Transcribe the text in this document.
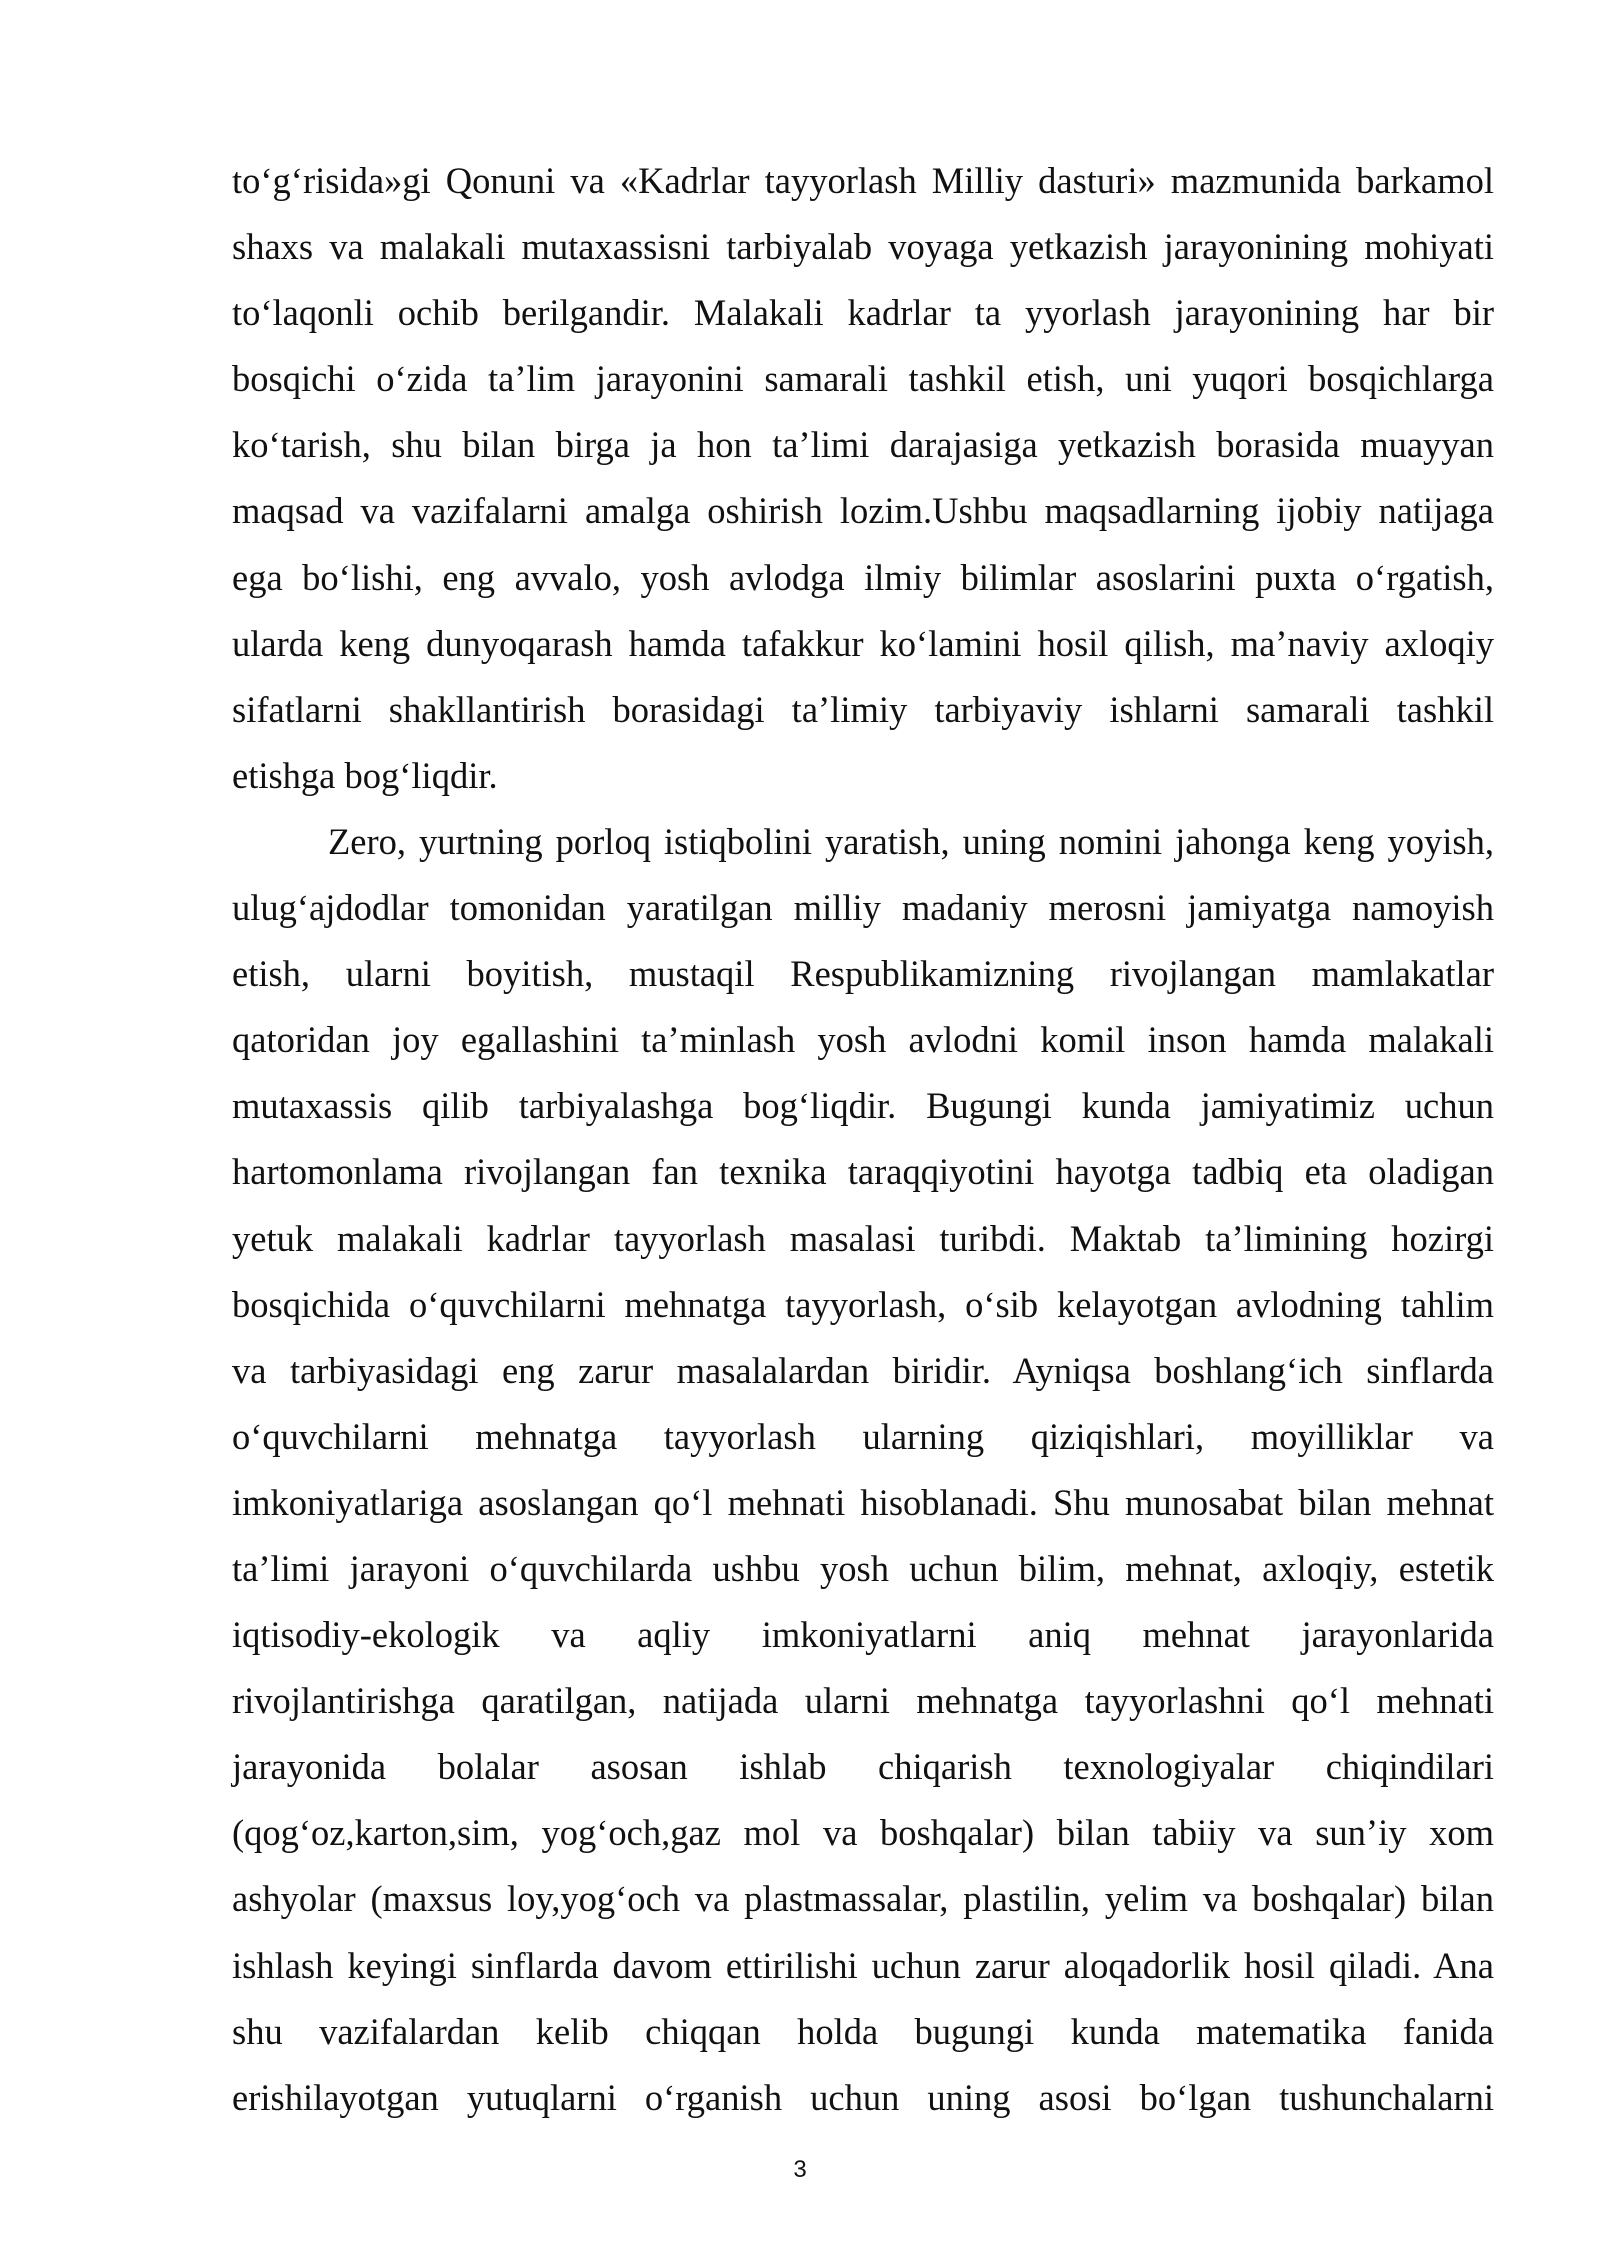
to‘g‘risida»gi Qonuni va «Kadrlar tayyorlash Milliy dasturi» mazmunida barkamol
shaxs va malakali mutaxassisni tarbiyalab voyaga yetkazish jarayonining mohiyati
to‘laqonli ochib berilgandir. Malakali kadrlar ta yyorlash jarayonining har bir
bosqichi o‘zida ta’lim jarayonini samarali tashkil etish, uni yuqori bosqichlarga
ko‘tarish, shu bilan birga ja hon ta’limi darajasiga yetkazish borasida muayyan
maqsad va vazifalarni amalga oshirish lozim.Ushbu maqsadlarning ijobiy natijaga
ega bo‘lishi, eng avvalo, yosh avlodga ilmiy bilimlar asoslarini puxta o‘rgatish,
ularda keng dunyoqarash hamda tafakkur ko‘lamini hosil qilish, ma’naviy axloqiy
sifatlarni shakllantirish borasidagi ta’limiy tarbiyaviy ishlarni samarali tashkil
etishga bog‘liqdir.
Zero, yurtning porloq istiqbolini yaratish, uning nomini jahonga keng yoyish,
ulug‘ajdodlar tomonidan yaratilgan milliy madaniy merosni jamiyatga namoyish
etish, ularni boyitish, mustaqil Respublikamizning rivojlangan mamlakatlar
qatoridan joy egallashini ta’minlash yosh avlodni komil inson hamda malakali
mutaxassis qilib tarbiyalashga bog‘liqdir. Bugungi kunda jamiyatimiz uchun
hartomonlama rivojlangan fan texnika taraqqiyotini hayotga tadbiq eta oladigan
yetuk malakali kadrlar tayyorlash masalasi turibdi. Maktab ta’limining hozirgi
bosqichida o‘quvchilarni mehnatga tayyorlash, o‘sib kelayotgan avlodning tahlim
va tarbiyasidagi eng zarur masalalardan biridir. Ayniqsa boshlang‘ich sinflarda
o‘quvchilarni mehnatga tayyorlash ularning qiziqishlari, moyilliklar va
imkoniyatlariga asoslangan qo‘l mehnati hisoblanadi. Shu munosabat bilan mehnat
ta’limi jarayoni o‘quvchilarda ushbu yosh uchun bilim, mehnat, axloqiy, estetik
iqtisodiy-ekologik va aqliy imkoniyatlarni aniq mehnat jarayonlarida
rivojlantirishga qaratilgan, natijada ularni mehnatga tayyorlashni qo‘l mehnati
jarayonida bolalar asosan ishlab chiqarish texnologiyalar chiqindilari
(qog‘oz,karton,sim, yog‘och,gaz mol va boshqalar) bilan tabiiy va sun’iy xom
ashyolar (maxsus loy,yog‘och va plastmassalar, plastilin, yelim va boshqalar) bilan
ishlash keyingi sinflarda davom ettirilishi uchun zarur aloqadorlik hosil qiladi. Ana
shu vazifalardan kelib chiqqan holda bugungi kunda matematika fanida
erishilayotgan yutuqlarni o‘rganish uchun uning asosi bo‘lgan tushunchalarni
3
